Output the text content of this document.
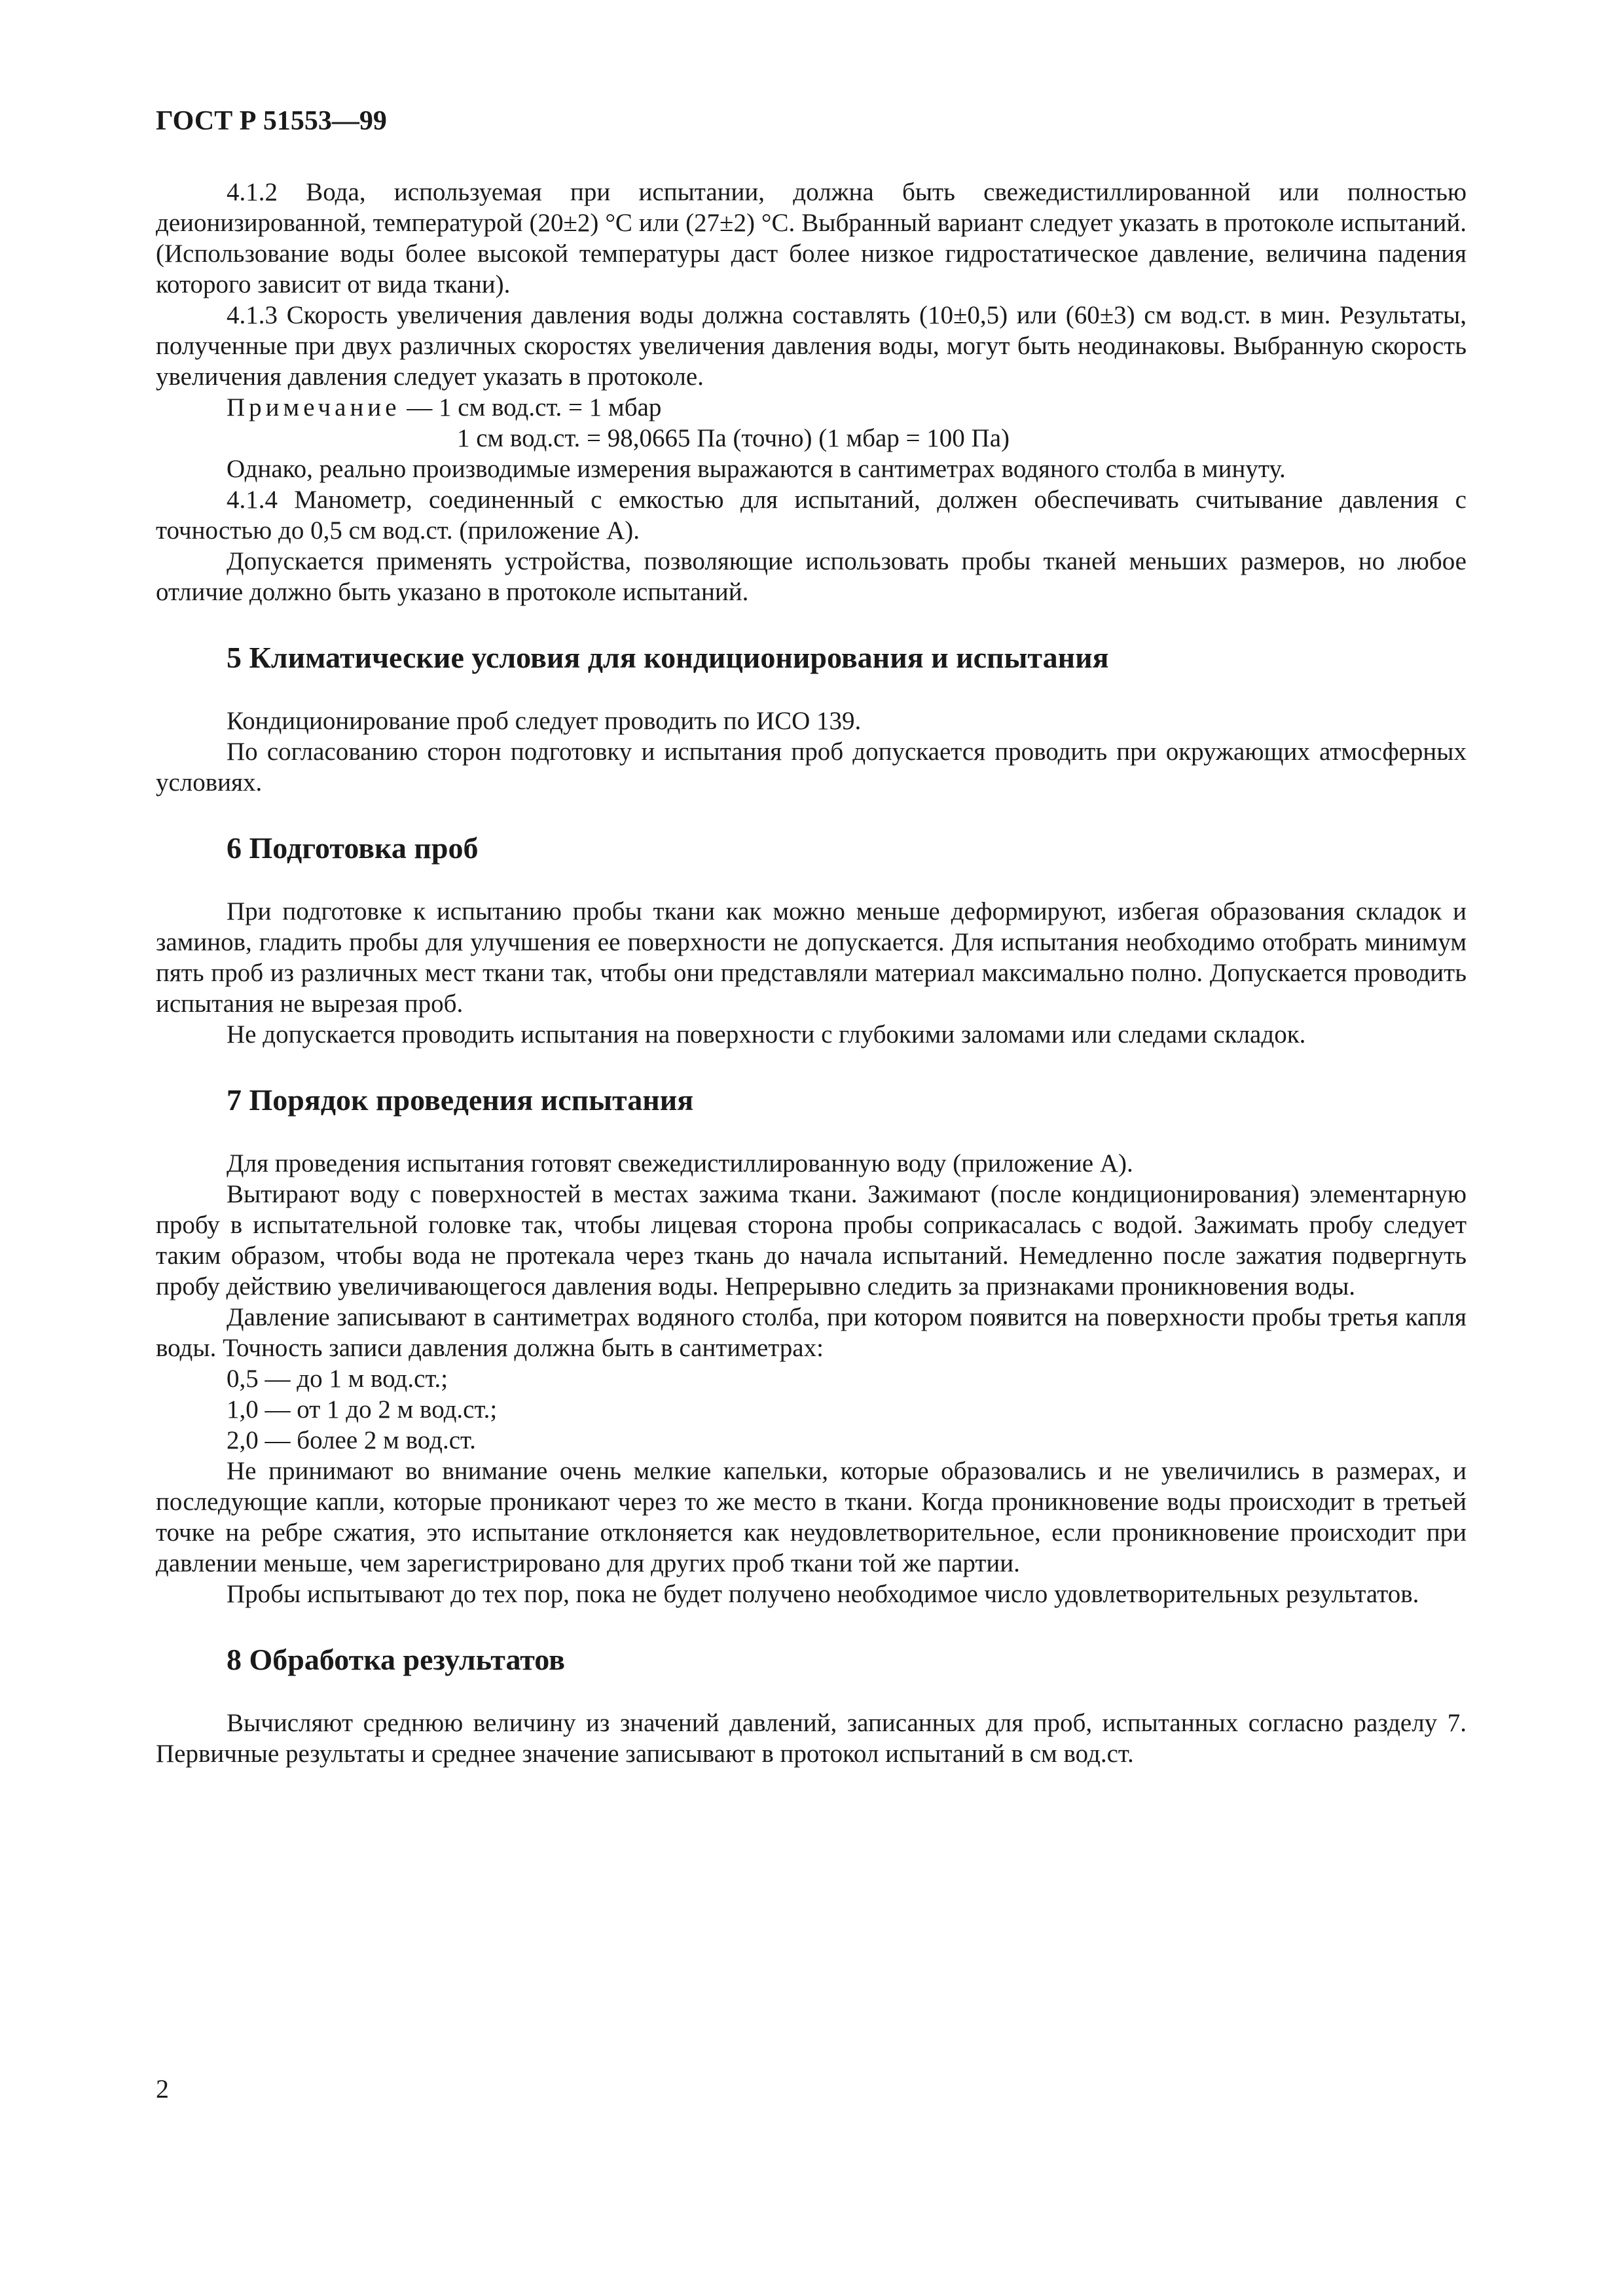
ГОСТ Р 51553—99

4.1.2 Вода, используемая при испытании, должна быть свежедистиллированной или полностью деионизированной, температурой (20±2) °С или (27±2) °С. Выбранный вариант следует указать в протоколе испытаний. (Использование воды более высокой температуры даст более низкое гидростатическое давление, величина падения которого зависит от вида ткани).

4.1.3 Скорость увеличения давления воды должна составлять (10±0,5) или (60±3) см вод.ст. в мин. Результаты, полученные при двух различных скоростях увеличения давления воды, могут быть неодинаковы. Выбранную скорость увеличения давления следует указать в протоколе.

Примечание — 1 см вод.ст. = 1 мбар

1 см вод.ст. = 98,0665 Па (точно) (1 мбар = 100 Па)

Однако, реально производимые измерения выражаются в сантиметрах водяного столба в минуту.

4.1.4 Манометр, соединенный с емкостью для испытаний, должен обеспечивать считывание давления с точностью до 0,5 см вод.ст. (приложение А).

Допускается применять устройства, позволяющие использовать пробы тканей меньших размеров, но любое отличие должно быть указано в протоколе испытаний.

5 Климатические условия для кондиционирования и испытания

Кондиционирование проб следует проводить по ИСО 139.

По согласованию сторон подготовку и испытания проб допускается проводить при окружающих атмосферных условиях.

6 Подготовка проб

При подготовке к испытанию пробы ткани как можно меньше деформируют, избегая образования складок и заминов, гладить пробы для улучшения ее поверхности не допускается. Для испытания необходимо отобрать минимум пять проб из различных мест ткани так, чтобы они представляли материал максимально полно. Допускается проводить испытания не вырезая проб.

Не допускается проводить испытания на поверхности с глубокими заломами или следами складок.

7 Порядок проведения испытания

Для проведения испытания готовят свежедистиллированную воду (приложение А).

Вытирают воду с поверхностей в местах зажима ткани. Зажимают (после кондиционирования) элементарную пробу в испытательной головке так, чтобы лицевая сторона пробы соприкасалась с водой. Зажимать пробу следует таким образом, чтобы вода не протекала через ткань до начала испытаний. Немедленно после зажатия подвергнуть пробу действию увеличивающегося давления воды. Непрерывно следить за признаками проникновения воды.

Давление записывают в сантиметрах водяного столба, при котором появится на поверхности пробы третья капля воды. Точность записи давления должна быть в сантиметрах:

0,5 — до 1 м вод.ст.;

1,0 — от 1 до 2 м вод.ст.;

2,0 — более 2 м вод.ст.

Не принимают во внимание очень мелкие капельки, которые образовались и не увеличились в размерах, и последующие капли, которые проникают через то же место в ткани. Когда проникновение воды происходит в третьей точке на ребре сжатия, это испытание отклоняется как неудовлетворительное, если проникновение происходит при давлении меньше, чем зарегистрировано для других проб ткани той же партии.

Пробы испытывают до тех пор, пока не будет получено необходимое число удовлетворительных результатов.

8 Обработка результатов

Вычисляют среднюю величину из значений давлений, записанных для проб, испытанных согласно разделу 7. Первичные результаты и среднее значение записывают в протокол испытаний в см вод.ст.

2
